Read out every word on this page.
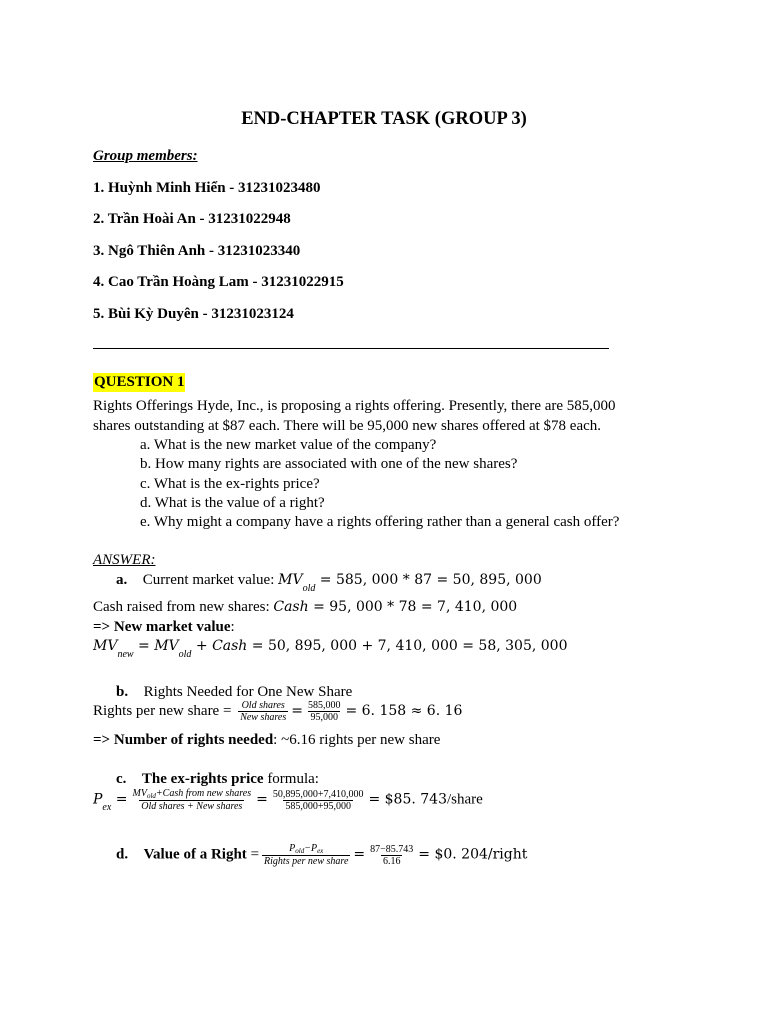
END-CHAPTER TASK (GROUP 3)
Group members:
1. Huỳnh Minh Hiển - 31231023480
2. Trần Hoài An - 31231022948
3. Ngô Thiên Anh - 31231023340
4. Cao Trần Hoàng Lam - 31231022915
5. Bùi Kỳ Duyên - 31231023124
QUESTION 1
Rights Offerings Hyde, Inc., is proposing a rights offering. Presently, there are 585,000
shares outstanding at $87 each. There will be 95,000 new shares offered at $78 each.
a. What is the new market value of the company?
b. How many rights are associated with one of the new shares?
c. What is the ex-rights price?
d. What is the value of a right?
e. Why might a company have a rights offering rather than a general cash offer?
ANSWER:
a. Current market value: $MV_{old} = 585$, 000 * 87 = 50, 895, 000
Cash raised from new shares: Cash = 95, 000 * 78 = 7, 410, 000
=> New market value:
$MV_{new} = MV_{old}$ + Cash = 50, 895, 000 + 7, 410, 000 = 58, 305, 000
b. Rights Needed for One New Share
Rights per new share = $\frac{\text{Old shares}}{\text{New shares}} = \frac{585,000}{95,000} = 6$. 158 ≈ 6. 16
=> Number of rights needed: ~6.16 rights per new share
c. The ex-rights price formula:
$P_{ex} = \frac{MV_{old}+Cash from new shares}{\text{Old shares + New shares}} = \frac{50,895,000+7,410,000}{585,000+95,000}$ = $85. 743/share
d. Value of a Right = $\frac{P_{old}-P_{ex}}{\text{Rights per new share}} = \frac{87-85.743}{6.16}$ = $0. 204/right
